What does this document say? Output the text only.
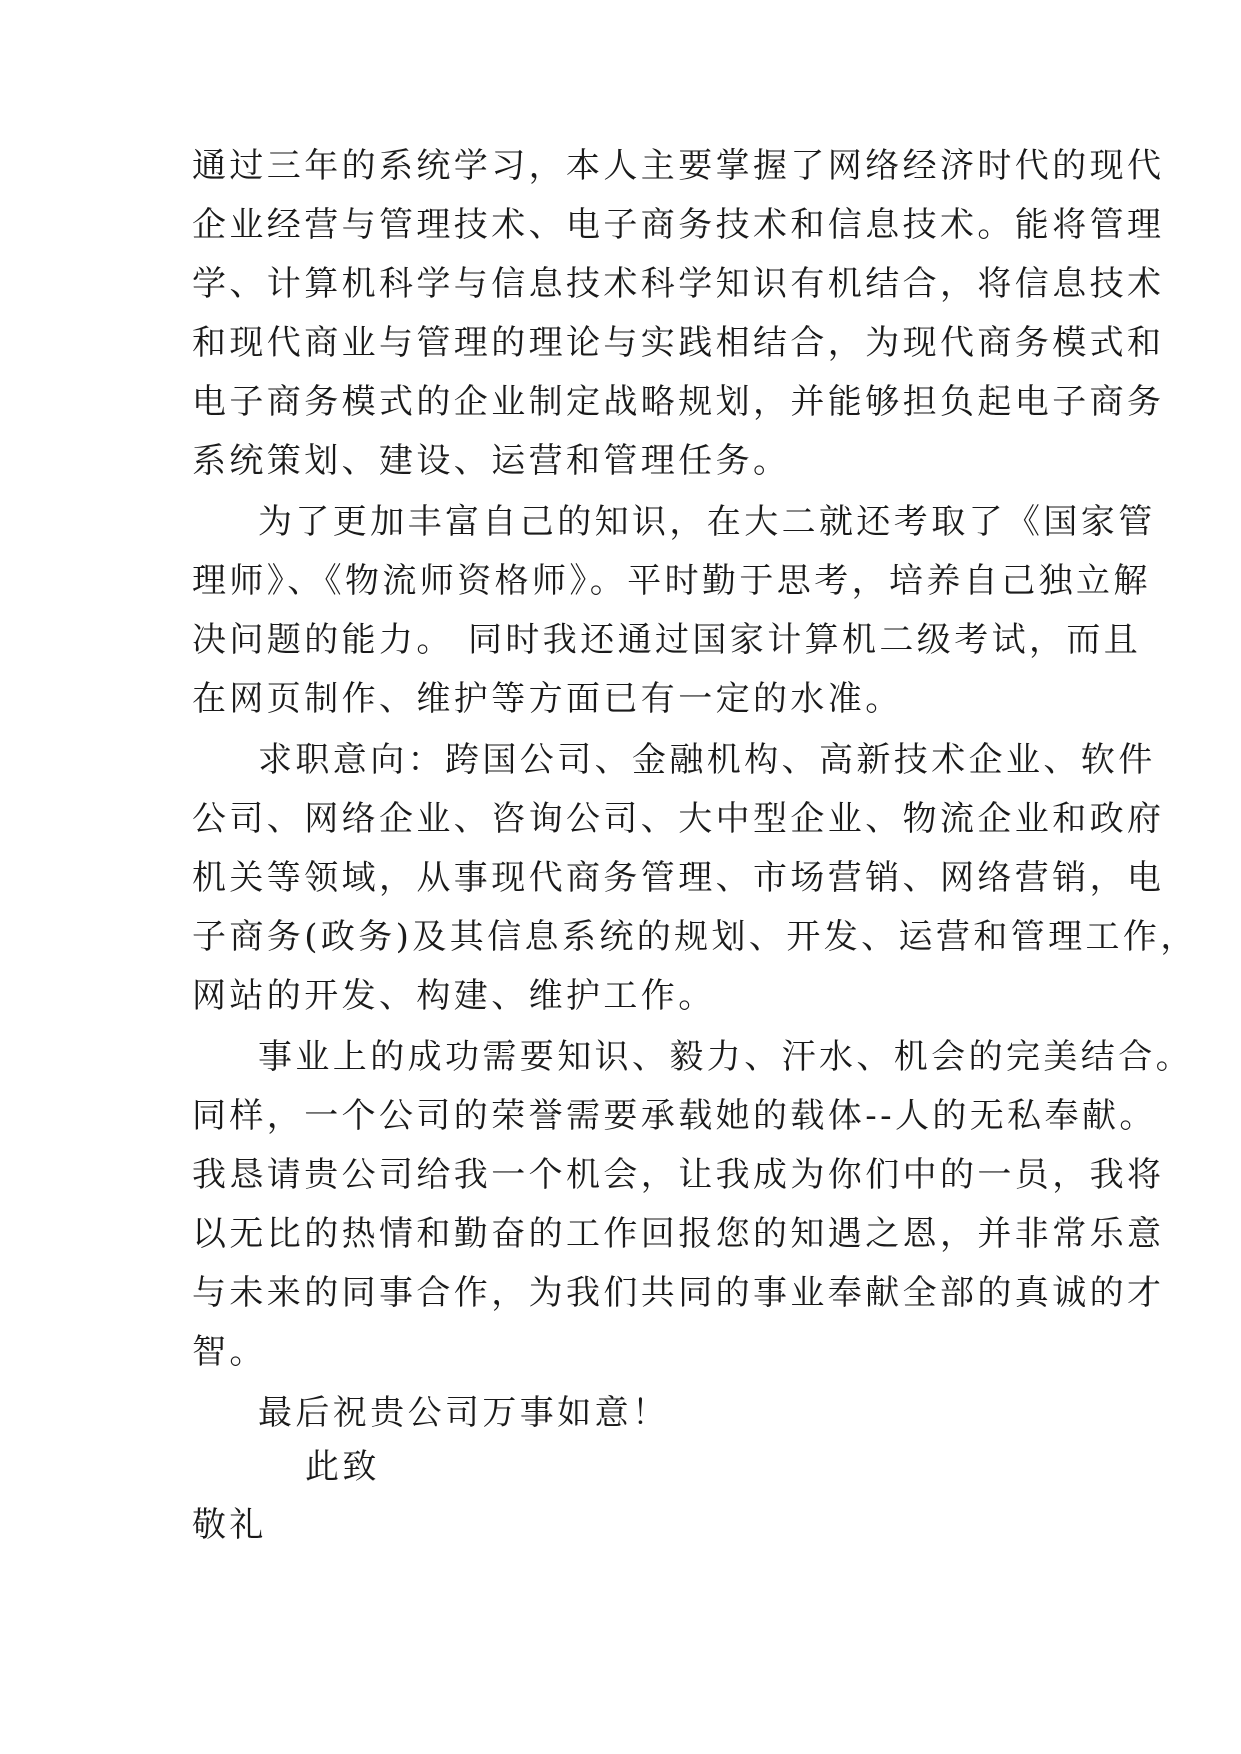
通过三年的系统学习，本人主要掌握了网络经济时代的现代
企业经营与管理技术、电子商务技术和信息技术。能将管理
学、计算机科学与信息技术科学知识有机结合，将信息技术
和现代商业与管理的理论与实践相结合，为现代商务模式和
电子商务模式的企业制定战略规划，并能够担负起电子商务
系统策划、建设、运营和管理任务。
为了更加丰富自己的知识，在大二就还考取了《国家管
理师》、《物流师资格师》。平时勤于思考，培养自己独立解
决问题的能力。 同时我还通过国家计算机二级考试，而且
在网页制作、维护等方面已有一定的水准。
求职意向：跨国公司、金融机构、高新技术企业、软件
公司、网络企业、咨询公司、大中型企业、物流企业和政府
机关等领域，从事现代商务管理、市场营销、网络营销，电
子商务(政务)及其信息系统的规划、开发、运营和管理工作，
网站的开发、构建、维护工作。
事业上的成功需要知识、毅力、汗水、机会的完美结合。
同样，一个公司的荣誉需要承载她的载体--人的无私奉献。
我恳请贵公司给我一个机会，让我成为你们中的一员，我将
以无比的热情和勤奋的工作回报您的知遇之恩，并非常乐意
与未来的同事合作，为我们共同的事业奉献全部的真诚的才
智。
最后祝贵公司万事如意！
此致
敬礼
